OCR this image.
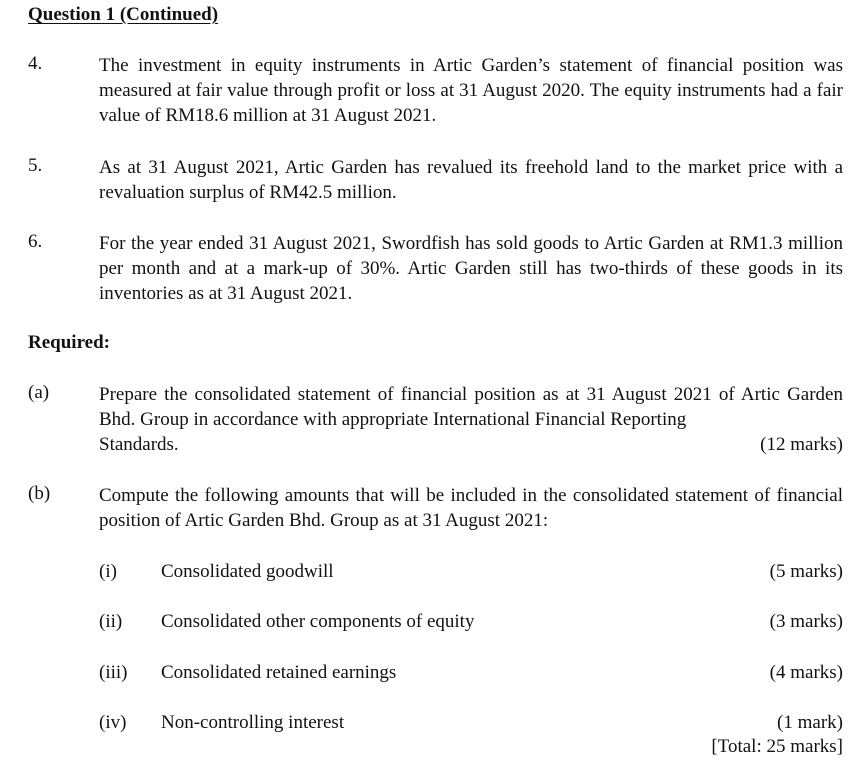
Question 1 (Continued)
4.	The investment in equity instruments in Artic Garden’s statement of financial position was measured at fair value through profit or loss at 31 August 2020. The equity instruments had a fair value of RM18.6 million at 31 August 2021.
5.	As at 31 August 2021, Artic Garden has revalued its freehold land to the market price with a revaluation surplus of RM42.5 million.
6.	For the year ended 31 August 2021, Swordfish has sold goods to Artic Garden at RM1.3 million per month and at a mark-up of 30%. Artic Garden still has two-thirds of these goods in its inventories as at 31 August 2021.
Required:
(a)	Prepare the consolidated statement of financial position as at 31 August 2021 of Artic Garden Bhd. Group in accordance with appropriate International Financial Reporting
Standards.	(12 marks)
(b)	Compute the following amounts that will be included in the consolidated statement of financial position of Artic Garden Bhd. Group as at 31 August 2021:
(i)	Consolidated goodwill	(5 marks)
(ii)	Consolidated other components of equity	(3 marks)
(iii)	Consolidated retained earnings	(4 marks)
(iv)	Non-controlling interest	(1 mark)
[Total: 25 marks]
